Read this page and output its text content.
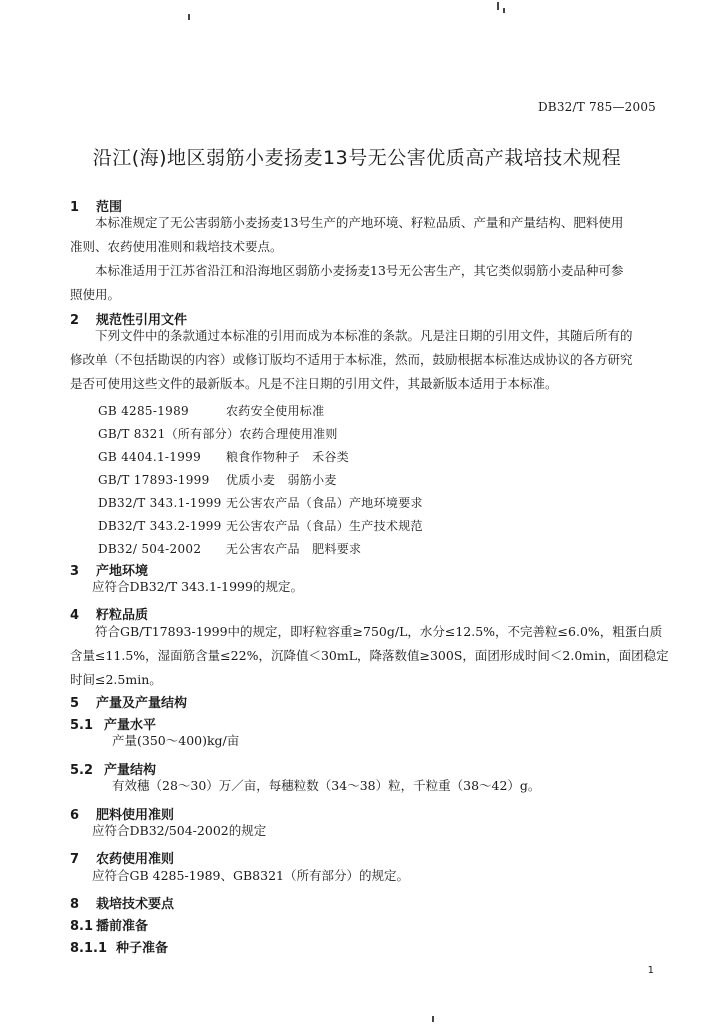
DB32/T 785—2005
沿江(海)地区弱筋小麦扬麦13号无公害优质高产栽培技术规程
1 范围
本标准规定了无公害弱筋小麦扬麦13号生产的产地环境、籽粒品质、产量和产量结构、肥料使用
准则、农药使用准则和栽培技术要点。
本标准适用于江苏省沿江和沿海地区弱筋小麦扬麦13号无公害生产，其它类似弱筋小麦品种可参
照使用。
2 规范性引用文件
下列文件中的条款通过本标准的引用而成为本标准的条款。凡是注日期的引用文件，其随后所有的
修改单（不包括勘误的内容）或修订版均不适用于本标准，然而，鼓励根据本标准达成协议的各方研究
是否可使用这些文件的最新版本。凡是不注日期的引用文件，其最新版本适用于本标准。
GB 4285-1989	农药安全使用标准
GB/T 8321（所有部分）农药合理使用准则
GB 4404.1-1999 粮食作物种子　禾谷类
GB/T 17893-1999 优质小麦　弱筋小麦
DB32/T 343.1-1999 无公害农产品（食品）产地环境要求
DB32/T 343.2-1999 无公害农产品（食品）生产技术规范
DB32/ 504-2002 无公害农产品　肥料要求
3 产地环境
应符合DB32/T 343.1-1999的规定。
4 籽粒品质
符合GB/T17893-1999中的规定，即籽粒容重≥750g/L，水分≤12.5%，不完善粒≤6.0%，粗蛋白质
含量≤11.5%，湿面筋含量≤22%，沉降值＜30mL，降落数值≥300S，面团形成时间＜2.0min，面团稳定
时间≤2.5min。
5 产量及产量结构
5.1 产量水平
产量(350～400)kg/亩
5.2 产量结构
有效穗（28～30）万／亩，每穗粒数（34～38）粒，千粒重（38～42）g。
6 肥料使用准则
应符合DB32/504-2002的规定
7 农药使用准则
应符合GB 4285-1989、GB8321（所有部分）的规定。
8 栽培技术要点
8.1 播前准备
8.1.1 种子准备
1
